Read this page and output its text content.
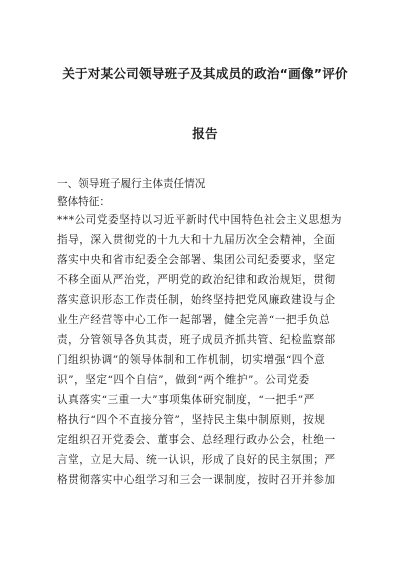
关于对某公司领导班子及其成员的政治“画像”评价
报告
一、领导班子履行主体责任情况
整体特征：
***公司党委坚持以习近平新时代中国特色社会主义思想为
指导，深入贯彻党的十九大和十九届历次全会精神，全面
落实中央和省市纪委全会部署、集团公司纪委要求，坚定
不移全面从严治党，严明党的政治纪律和政治规矩，贯彻
落实意识形态工作责任制，始终坚持把党风廉政建设与企
业生产经营等中心工作一起部署，健全完善“一把手负总
责，分管领导各负其责，班子成员齐抓共管、纪检监察部
门组织协调”的领导体制和工作机制，切实增强“四个意
识”，坚定“四个自信”，做到“两个维护”。公司党委
认真落实“三重一大”事项集体研究制度，“一把手”严
格执行“四个不直接分管”，坚持民主集中制原则，按规
定组织召开党委会、董事会、总经理行政办公会，杜绝一
言堂，立足大局、统一认识，形成了良好的民主氛围；严
格贯彻落实中心组学习和三会一课制度，按时召开并参加
